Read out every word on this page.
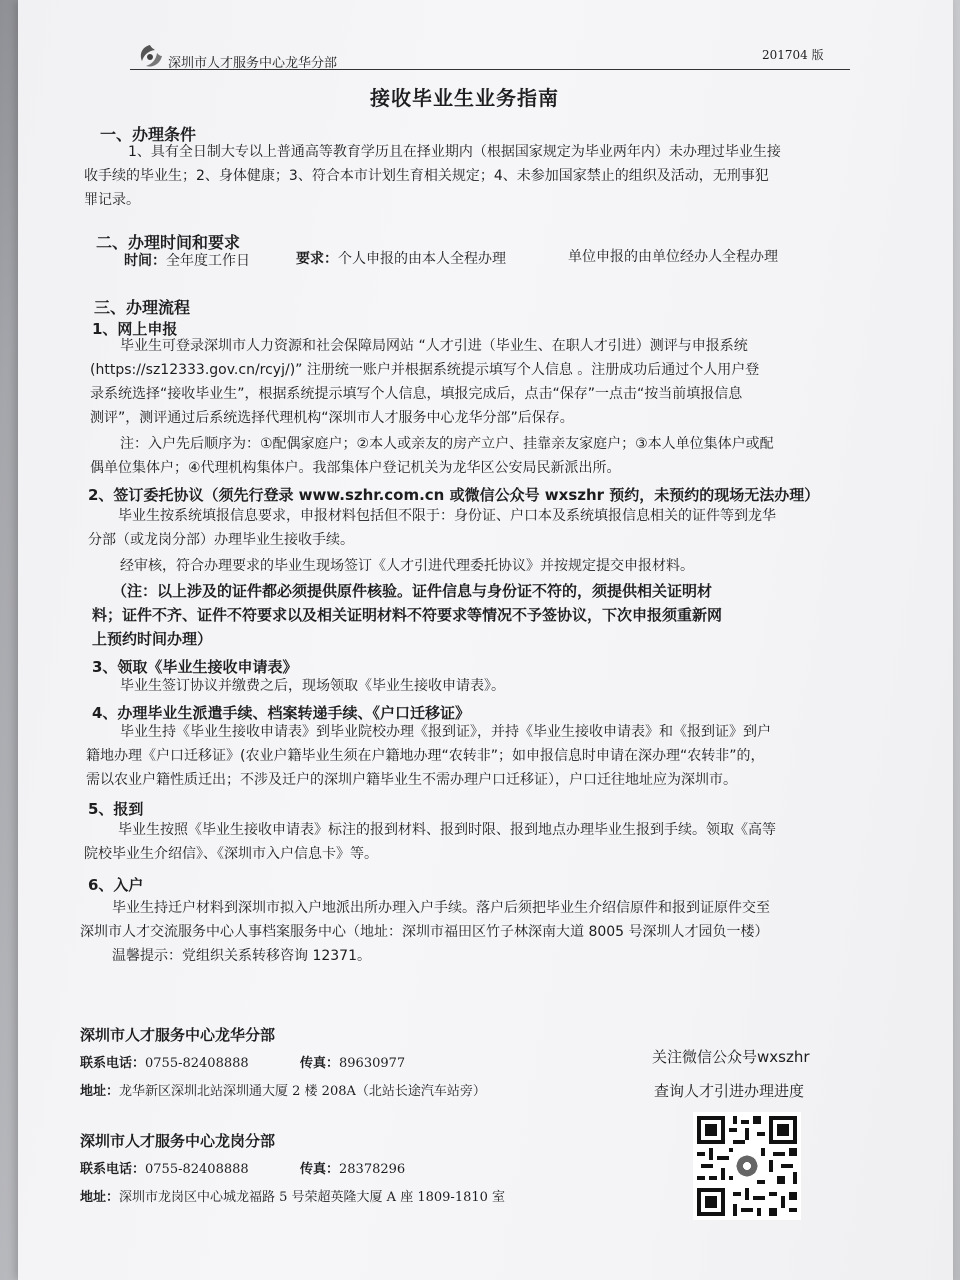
深圳市人才服务中心龙华分部
201704 版
接收毕业生业务指南
一、办理条件
1、具有全日制大专以上普通高等教育学历且在择业期内（根据国家规定为毕业两年内）未办理过毕业生接
收手续的毕业生；2、身体健康；3、符合本市计划生育相关规定；4、未参加国家禁止的组织及活动，无刑事犯
罪记录。
二、办理时间和要求
时间：全年度工作日	要求：个人申报的由本人全程办理	单位申报的由单位经办人全程办理
三、办理流程
1、网上申报
毕业生可登录深圳市人力资源和社会保障局网站 “人才引进（毕业生、在职人才引进）测评与申报系统
(https://sz12333.gov.cn/rcyj/)” 注册统一账户并根据系统提示填写个人信息 。注册成功后通过个人用户登
录系统选择“接收毕业生”，根据系统提示填写个人信息，填报完成后，点击“保存”一点击“按当前填报信息
测评”，测评通过后系统选择代理机构“深圳市人才服务中心龙华分部”后保存。
注：入户先后顺序为：①配偶家庭户；②本人或亲友的房产立户、挂靠亲友家庭户；③本人单位集体户或配
偶单位集体户；④代理机构集体户。我部集体户登记机关为龙华区公安局民新派出所。
2、签订委托协议（须先行登录 www.szhr.com.cn 或微信公众号 wxszhr 预约，未预约的现场无法办理）
毕业生按系统填报信息要求，申报材料包括但不限于：身份证、户口本及系统填报信息相关的证件等到龙华
分部（或龙岗分部）办理毕业生接收手续。
经审核，符合办理要求的毕业生现场签订《人才引进代理委托协议》并按规定提交申报材料。
（注：以上涉及的证件都必须提供原件核验。证件信息与身份证不符的，须提供相关证明材
料；证件不齐、证件不符要求以及相关证明材料不符要求等情况不予签协议，下次申报须重新网
上预约时间办理）
3、领取《毕业生接收申请表》
毕业生签订协议并缴费之后，现场领取《毕业生接收申请表》。
4、办理毕业生派遣手续、档案转递手续、《户口迁移证》
毕业生持《毕业生接收申请表》到毕业院校办理《报到证》，并持《毕业生接收申请表》和《报到证》到户
籍地办理《户口迁移证》(农业户籍毕业生须在户籍地办理“农转非”；如申报信息时申请在深办理“农转非”的，
需以农业户籍性质迁出；不涉及迁户的深圳户籍毕业生不需办理户口迁移证），户口迁往地址应为深圳市。
5、报到
毕业生按照《毕业生接收申请表》标注的报到材料、报到时限、报到地点办理毕业生报到手续。领取《高等
院校毕业生介绍信》、《深圳市入户信息卡》等。
6、入户
毕业生持迁户材料到深圳市拟入户地派出所办理入户手续。落户后须把毕业生介绍信原件和报到证原件交至
深圳市人才交流服务中心人事档案服务中心（地址：深圳市福田区竹子林深南大道 8005 号深圳人才园负一楼）
温馨提示：党组织关系转移咨询 12371。
深圳市人才服务中心龙华分部
联系电话：0755-82408888	传真：89630977
地址：龙华新区深圳北站深圳通大厦 2 楼 208A（北站长途汽车站旁）
深圳市人才服务中心龙岗分部
联系电话：0755-82408888	传真：28378296
地址：深圳市龙岗区中心城龙福路 5 号荣超英隆大厦 A 座 1809-1810 室
关注微信公众号wxszhr
查询人才引进办理进度
